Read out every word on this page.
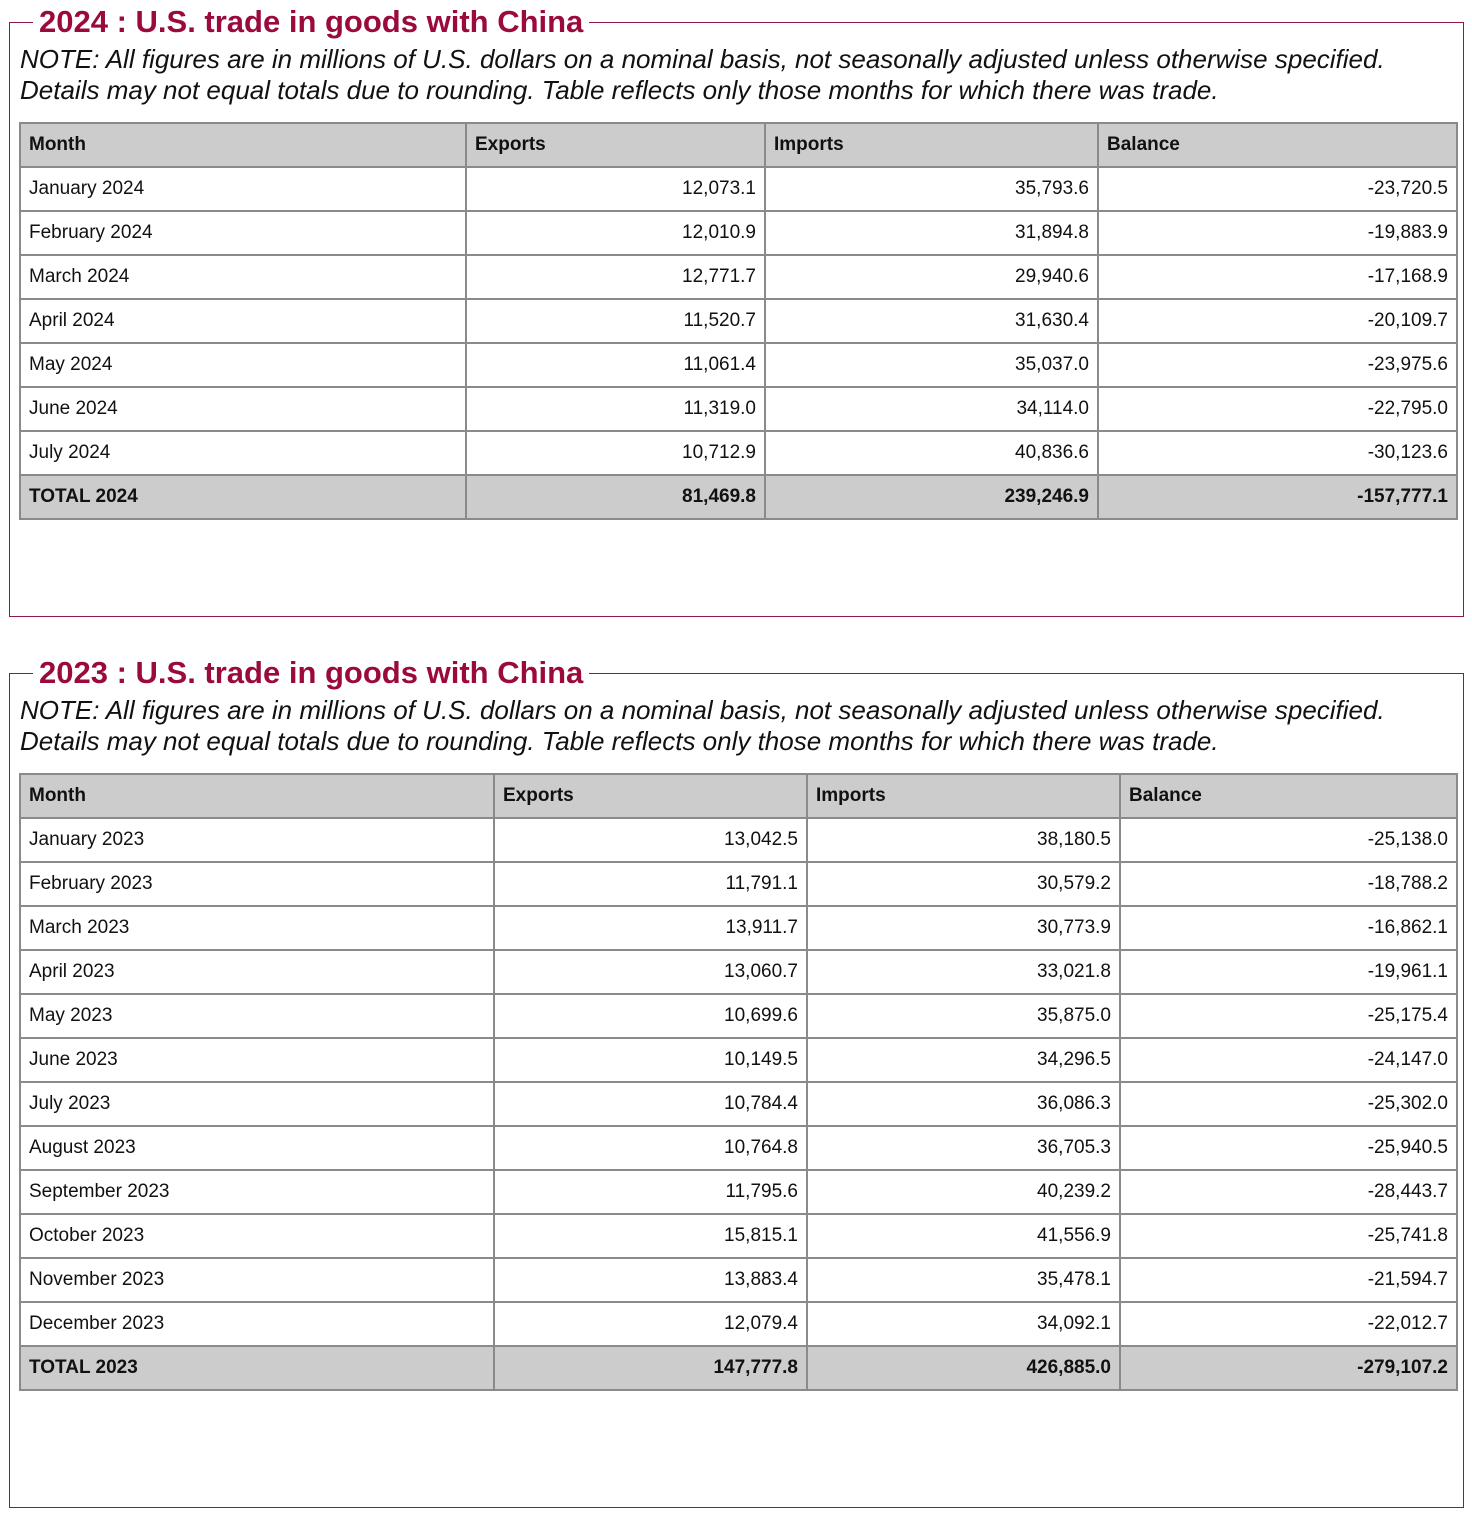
2024 : U.S. trade in goods with China
NOTE: All figures are in millions of U.S. dollars on a nominal basis, not seasonally adjusted unless otherwise specified.
Details may not equal totals due to rounding. Table reflects only those months for which there was trade.
Month	Exports	Imports	Balance
January 2024	12,073.1	35,793.6	-23,720.5
February 2024	12,010.9	31,894.8	-19,883.9
March 2024	12,771.7	29,940.6	-17,168.9
April 2024	11,520.7	31,630.4	-20,109.7
May 2024	11,061.4	35,037.0	-23,975.6
June 2024	11,319.0	34,114.0	-22,795.0
July 2024	10,712.9	40,836.6	-30,123.6
TOTAL 2024	81,469.8	239,246.9	-157,777.1
2023 : U.S. trade in goods with China
NOTE: All figures are in millions of U.S. dollars on a nominal basis, not seasonally adjusted unless otherwise specified.
Details may not equal totals due to rounding. Table reflects only those months for which there was trade.
Month	Exports	Imports	Balance
January 2023	13,042.5	38,180.5	-25,138.0
February 2023	11,791.1	30,579.2	-18,788.2
March 2023	13,911.7	30,773.9	-16,862.1
April 2023	13,060.7	33,021.8	-19,961.1
May 2023	10,699.6	35,875.0	-25,175.4
June 2023	10,149.5	34,296.5	-24,147.0
July 2023	10,784.4	36,086.3	-25,302.0
August 2023	10,764.8	36,705.3	-25,940.5
September 2023	11,795.6	40,239.2	-28,443.7
October 2023	15,815.1	41,556.9	-25,741.8
November 2023	13,883.4	35,478.1	-21,594.7
December 2023	12,079.4	34,092.1	-22,012.7
TOTAL 2023	147,777.8	426,885.0	-279,107.2
